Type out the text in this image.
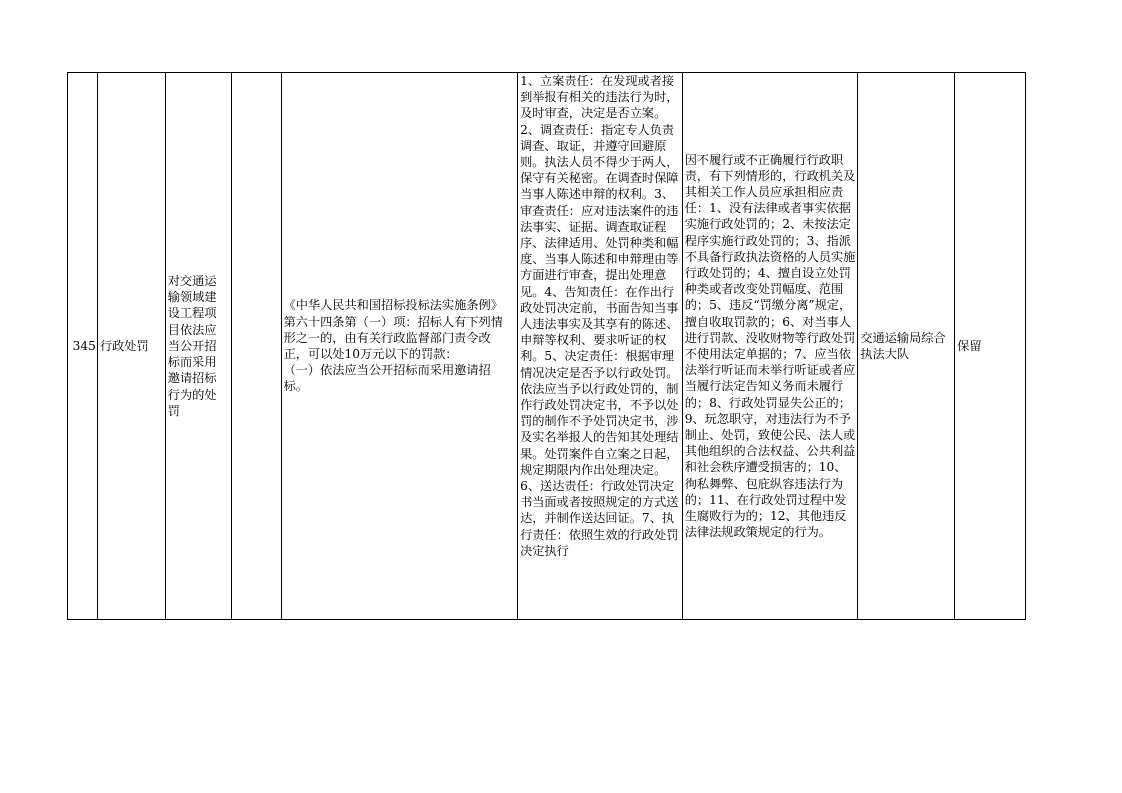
345 行政处罚
对交通运输领域建设工程项目依法应当公开招标而采用邀请招标行为的处罚
《中华人民共和国招标投标法实施条例》
第六十四条第（一）项：招标人有下列情形之一的，由有关行政监督部门责令改正，可以处10万元以下的罚款：
（一）依法应当公开招标而采用邀请招标。
1、立案责任：在发现或者接到举报有相关的违法行为时，及时审查，决定是否立案。2、调查责任：指定专人负责调查、取证，并遵守回避原则。执法人员不得少于两人，保守有关秘密。在调查时保障当事人陈述申辩的权利。3、审查责任：应对违法案件的违法事实、证据、调查取证程序、法律适用、处罚种类和幅度、当事人陈述和申辩理由等方面进行审查，提出处理意见。4、告知责任：在作出行政处罚决定前，书面告知当事人违法事实及其享有的陈述、申辩等权利、要求听证的权利。5、决定责任：根据审理情况决定是否予以行政处罚。依法应当予以行政处罚的，制作行政处罚决定书，不予以处罚的制作不予处罚决定书，涉及实名举报人的告知其处理结果。处罚案件自立案之日起，规定期限内作出处理决定。
6、送达责任：行政处罚决定书当面或者按照规定的方式送达，并制作送达回证。7、执行责任：依照生效的行政处罚决定执行
因不履行或不正确履行行政职责，有下列情形的，行政机关及其相关工作人员应承担相应责任：1、没有法律或者事实依据实施行政处罚的；2、未按法定程序实施行政处罚的；3、指派不具备行政执法资格的人员实施行政处罚的；4、擅自设立处罚种类或者改变处罚幅度、范围的；5、违反“罚缴分离”规定，擅自收取罚款的；6、对当事人进行罚款、没收财物等行政处罚不使用法定单据的；7、应当依法举行听证而未举行听证或者应当履行法定告知义务而未履行的；8、行政处罚显失公正的；9、玩忽职守，对违法行为不予制止、处罚，致使公民、法人或其他组织的合法权益、公共利益和社会秩序遭受损害的；10、徇私舞弊、包庇纵容违法行为的；11、在行政处罚过程中发生腐败行为的；12、其他违反法律法规政策规定的行为。
交通运输局综合执法大队
保留
